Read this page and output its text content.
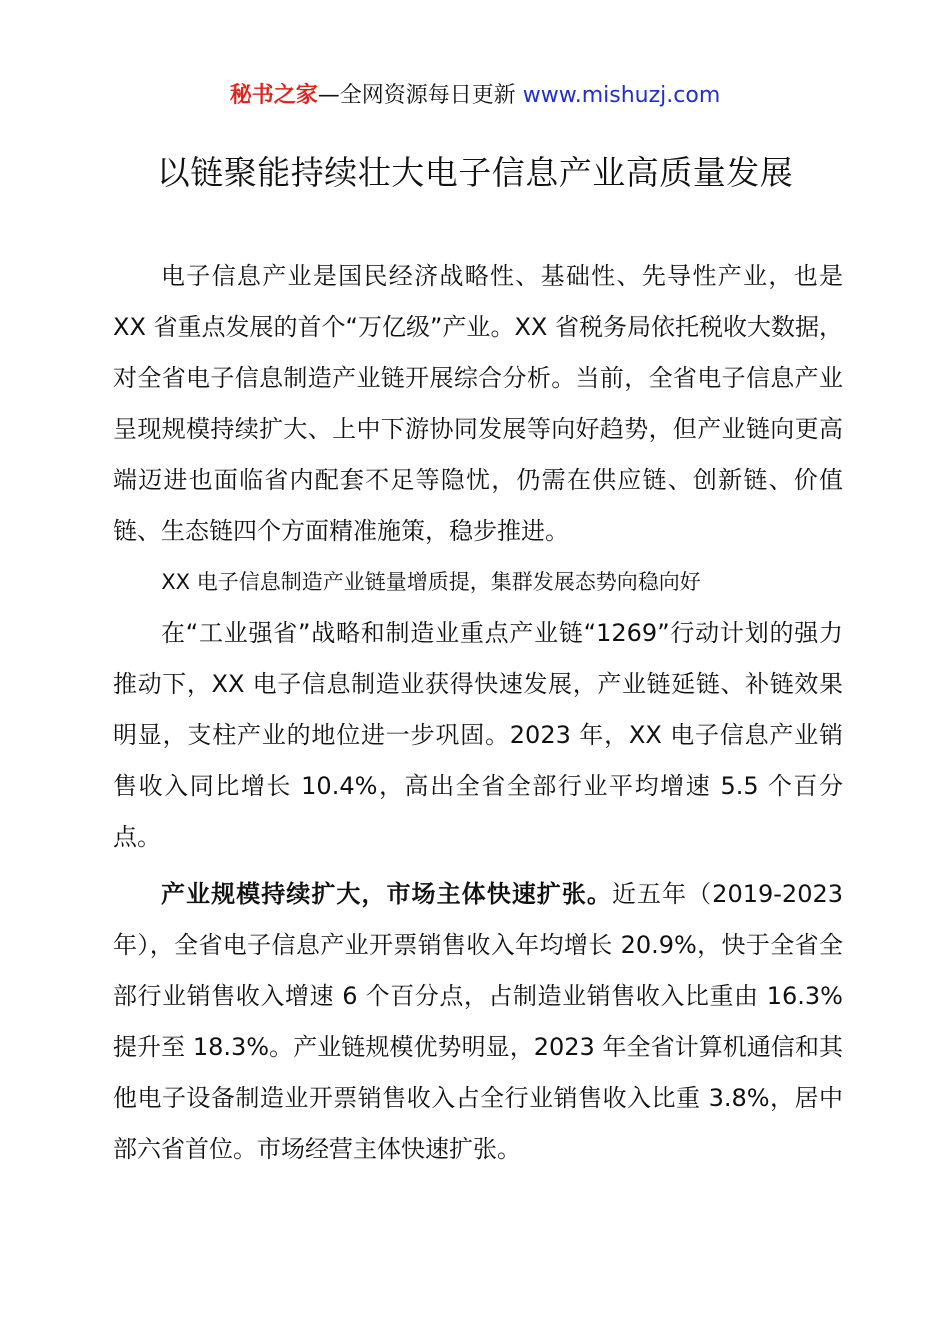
秘书之家—全网资源每日更新 www.mishuzj.com
以链聚能持续壮大电子信息产业高质量发展

电子信息产业是国民经济战略性、基础性、先导性产业，也是 XX 省重点发展的首个“万亿级”产业。XX 省税务局依托税收大数据，对全省电子信息制造产业链开展综合分析。当前，全省电子信息产业呈现规模持续扩大、上中下游协同发展等向好趋势，但产业链向更高端迈进也面临省内配套不足等隐忧，仍需在供应链、创新链、价值链、生态链四个方面精准施策，稳步推进。

XX 电子信息制造产业链量增质提，集群发展态势向稳向好

在“工业强省”战略和制造业重点产业链“1269”行动计划的强力推动下，XX 电子信息制造业获得快速发展，产业链延链、补链效果明显，支柱产业的地位进一步巩固。2023 年，XX 电子信息产业销售收入同比增长 10.4%，高出全省全部行业平均增速 5.5 个百分点。

产业规模持续扩大，市场主体快速扩张。近五年（2019-2023 年），全省电子信息产业开票销售收入年均增长 20.9%，快于全省全部行业销售收入增速 6 个百分点，占制造业销售收入比重由 16.3%提升至 18.3%。产业链规模优势明显，2023 年全省计算机通信和其他电子设备制造业开票销售收入占全行业销售收入比重 3.8%，居中部六省首位。市场经营主体快速扩张。
